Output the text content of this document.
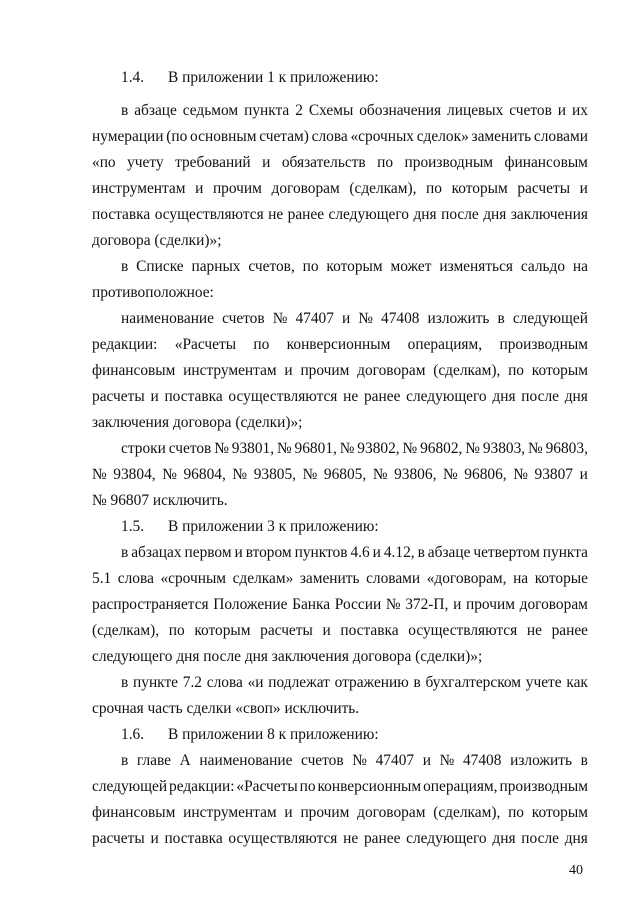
1.4. В приложении 1 к приложению:
в абзаце седьмом пункта 2 Схемы обозначения лицевых счетов и их
нумерации (по основным счетам) слова «срочных сделок» заменить словами
«по учету требований и обязательств по производным финансовым
инструментам и прочим договорам (сделкам), по которым расчеты и
поставка осуществляются не ранее следующего дня после дня заключения
договора (сделки)»;
в Списке парных счетов, по которым может изменяться сальдо на
противоположное:
наименование счетов № 47407 и № 47408 изложить в следующей
редакции: «Расчеты по конверсионным операциям, производным
финансовым инструментам и прочим договорам (сделкам), по которым
расчеты и поставка осуществляются не ранее следующего дня после дня
заключения договора (сделки)»;
строки счетов № 93801, № 96801, № 93802, № 96802, № 93803, № 96803,
№ 93804, № 96804, № 93805, № 96805, № 93806, № 96806, № 93807 и
№ 96807 исключить.
1.5. В приложении 3 к приложению:
в абзацах первом и втором пунктов 4.6 и 4.12, в абзаце четвертом пункта
5.1 слова «срочным сделкам» заменить словами «договорам, на которые
распространяется Положение Банка России № 372-П, и прочим договорам
(сделкам), по которым расчеты и поставка осуществляются не ранее
следующего дня после дня заключения договора (сделки)»;
в пункте 7.2 слова «и подлежат отражению в бухгалтерском учете как
срочная часть сделки «своп» исключить.
1.6. В приложении 8 к приложению:
в главе А наименование счетов № 47407 и № 47408 изложить в
следующей редакции: «Расчеты по конверсионным операциям, производным
финансовым инструментам и прочим договорам (сделкам), по которым
расчеты и поставка осуществляются не ранее следующего дня после дня
40
